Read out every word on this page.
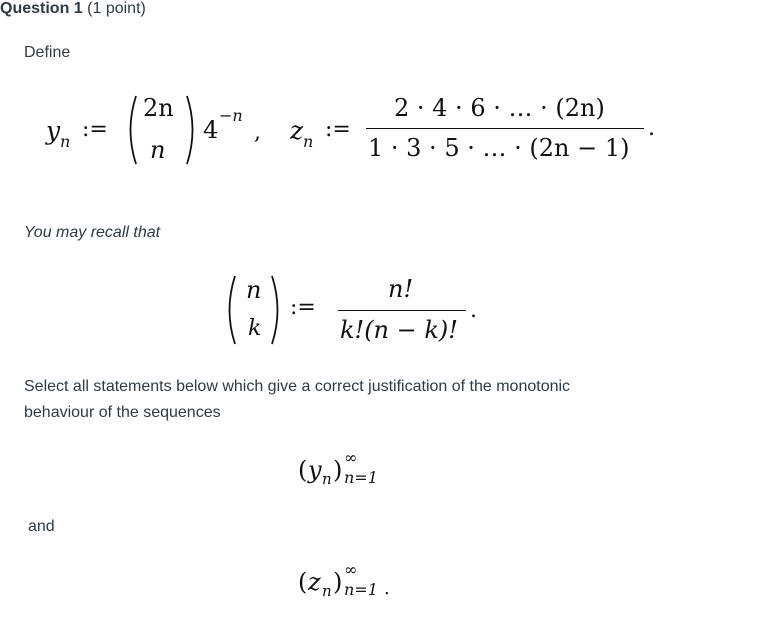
Question 1 (1 point)
Define
y n :=
2n
n
4
−n
, z n :=
2 · 4 · 6 · … · (2n)
1 · 3 · 5 · … · (2n − 1)
.
You may recall that
n
k
:=
n!
k!(n − k)!
.
Select all statements below which give a correct justification of the monotonic
behaviour of the sequences
( y n ) ∞
n=1
and
( z n ) ∞
n=1 .
